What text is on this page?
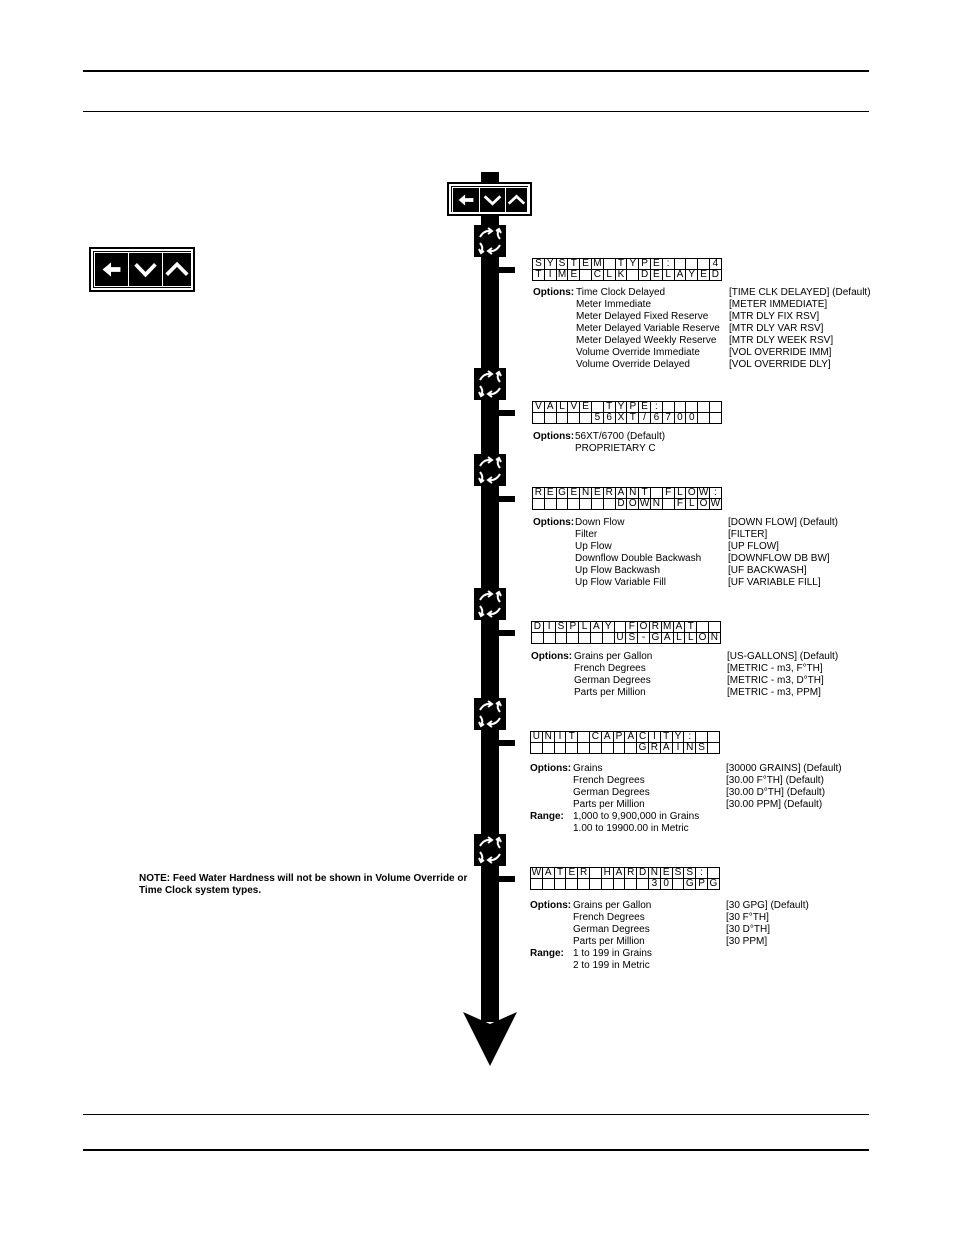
S	Y	S	T	E	M		T	Y	P	E	:				4
T	I	M	E		C	L	K		D	E	L	A	Y	E	D
Options: Time Clock Delayed	[TIME CLK DELAYED] (Default)
Meter Immediate	[METER IMMEDIATE]
Meter Delayed Fixed Reserve [MTR DLY FIX RSV]
Meter Delayed Variable Reserve [MTR DLY VAR RSV]
Meter Delayed Weekly Reserve [MTR DLY WEEK RSV]
Volume Override Immediate	[VOL OVERRIDE IMM]
Volume Override Delayed	[VOL OVERRIDE DLY]
V	A	L	V	E		T	Y	P	E	:					
					5	6	X	T	/	6	7	0	0		
Options: 56XT/6700 (Default)
PROPRIETARY C
R	E	G	E	N	E	R	A	N	T		F	L	O	W	:
							D	O	W	N		F	L	O	W
Options: Down Flow	[DOWN FLOW] (Default)
Filter	[FILTER]
Up Flow	[UP FLOW]
Downflow Double Backwash	[DOWNFLOW DB BW]
Up Flow Backwash	[UF BACKWASH]
Up Flow Variable Fill	[UF VARIABLE FILL]
D	I	S	P	L	A	Y		F	O	R	M	A	T		
							U	S	-	G	A	L	L	O	N
Options: Grains per Gallon	[US-GALLONS] (Default)
French Degrees	[METRIC - m3, F°TH]
German Degrees	[METRIC - m3, D°TH]
Parts per Million	[METRIC - m3, PPM]
U	N	I	T		C	A	P	A	C	I	T	Y	:		
									G	R	A	I	N	S	
Options: Grains	[30000 GRAINS] (Default)
French Degrees	[30.00 F°TH] (Default)
German Degrees	[30.00 D°TH] (Default)
Parts per Million	[30.00 PPM] (Default)
Range: 1,000 to 9,900,000 in Grains
1.00 to 19900.00 in Metric
W	A	T	E	R		H	A	R	D	N	E	S	S	:	
										3	0		G	P	G
Options: Grains per Gallon	[30 GPG] (Default)
French Degrees	[30 F°TH]
German Degrees	[30 D°TH]
Parts per Million	[30 PPM]
Range: 1 to 199 in Grains
2 to 199 in Metric
NOTE: Feed Water Hardness will not be shown in Volume Override or Time Clock system types.
